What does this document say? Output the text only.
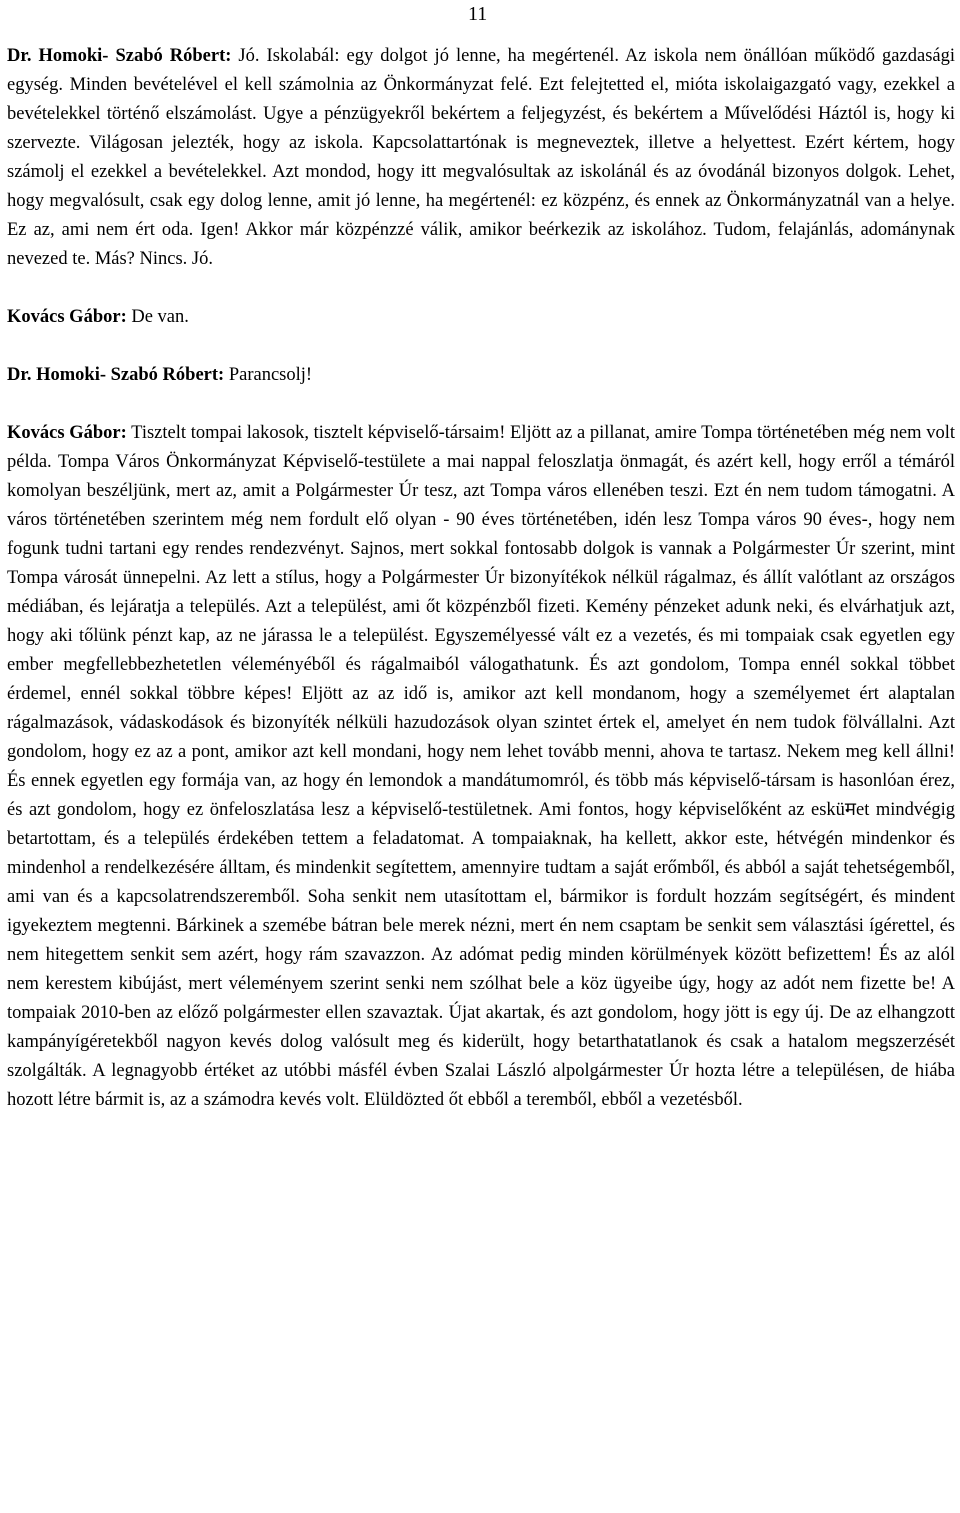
11

Dr. Homoki- Szabó Róbert: Jó. Iskolabál: egy dolgot jó lenne, ha megértenél. Az iskola nem önállóan működő gazdasági egység. Minden bevételével el kell számolnia az Önkormányzat felé. Ezt felejtetted el, mióta iskolaigazgató vagy, ezekkel a bevételekkel történő elszámolást. Ugye a pénzügyekről bekértem a feljegyzést, és bekértem a Művelődési Háztól is, hogy ki szervezte. Világosan jelezték, hogy az iskola. Kapcsolattartónak is megneveztek, illetve a helyettest. Ezért kértem, hogy számolj el ezekkel a bevételekkel. Azt mondod, hogy itt megvalósultak az iskolánál és az óvodánál bizonyos dolgok. Lehet, hogy megvalósult, csak egy dolog lenne, amit jó lenne, ha megértenél: ez közpénz, és ennek az Önkormányzatnál van a helye. Ez az, ami nem ért oda. Igen! Akkor már közpénzzé válik, amikor beérkezik az iskolához. Tudom, felajánlás, adománynak nevezed te. Más? Nincs. Jó.

Kovács Gábor: De van.

Dr. Homoki- Szabó Róbert: Parancsolj!

Kovács Gábor: Tisztelt tompai lakosok, tisztelt képviselő-társaim! Eljött az a pillanat, amire Tompa történetében még nem volt példa. Tompa Város Önkormányzat Képviselő-testülete a mai nappal feloszlatja önmagát, és azért kell, hogy erről a témáról komolyan beszéljünk, mert az, amit a Polgármester Úr tesz, azt Tompa város ellenében teszi. Ezt én nem tudom támogatni. A város történetében szerintem még nem fordult elő olyan - 90 éves történetében, idén lesz Tompa város 90 éves-, hogy nem fogunk tudni tartani egy rendes rendezvényt. Sajnos, mert sokkal fontosabb dolgok is vannak a Polgármester Úr szerint, mint Tompa városát ünnepelni. Az lett a stílus, hogy a Polgármester Úr bizonyítékok nélkül rágalmaz, és állít valótlant az országos médiában, és lejáratja a település. Azt a települést, ami őt közpénzből fizeti. Kemény pénzeket adunk neki, és elvárhatjuk azt, hogy aki tőlünk pénzt kap, az ne járassa le a települést. Egyszemélyessé vált ez a vezetés, és mi tompaiak csak egyetlen egy ember megfellebbezhetetlen véleményéből és rágalmaiból válogathatunk. És azt gondolom, Tompa ennél sokkal többet érdemel, ennél sokkal többre képes! Eljött az az idő is, amikor azt kell mondanom, hogy a személyemet ért alaptalan rágalmazások, vádaskodások és bizonyíték nélküli hazudozások olyan szintet értek el, amelyet én nem tudok fölvállalni. Azt gondolom, hogy ez az a pont, amikor azt kell mondani, hogy nem lehet tovább menni, ahova te tartasz. Nekem meg kell állni! És ennek egyetlen egy formája van, az hogy én lemondok a mandátumomról, és több más képviselő-társam is hasonlóan érez, és azt gondolom, hogy ez önfeloszlatása lesz a képviselő-testületnek. Ami fontos, hogy képviselőként az esküमet mindvégig betartottam, és a település érdekében tettem a feladatomat. A tompaiaknak, ha kellett, akkor este, hétvégén mindenkor és mindenhol a rendelkezésére álltam, és mindenkit segítettem, amennyire tudtam a saját erőmből, és abból a saját tehetségemből, ami van és a kapcsolatrendszeremből. Soha senkit nem utasítottam el, bármikor is fordult hozzám segítségért, és mindent igyekeztem megtenni. Bárkinek a szemébe bátran bele merek nézni, mert én nem csaptam be senkit sem választási ígérettel, és nem hitegettem senkit sem azért, hogy rám szavazzon. Az adómat pedig minden körülmények között befizettem! És az alól nem kerestem kibújást, mert véleményem szerint senki nem szólhat bele a köz ügyeibe úgy, hogy az adót nem fizette be! A tompaiak 2010-ben az előző polgármester ellen szavaztak. Újat akartak, és azt gondolom, hogy jött is egy új. De az elhangzott kampányígéretekből nagyon kevés dolog valósult meg és kiderült, hogy betarthatatlanok és csak a hatalom megszerzését szolgálták. A legnagyobb értéket az utóbbi másfél évben Szalai László alpolgármester Úr hozta létre a településen, de hiába hozott létre bármit is, az a számodra kevés volt. Elüldözted őt ebből a teremből, ebből a vezetésből.
